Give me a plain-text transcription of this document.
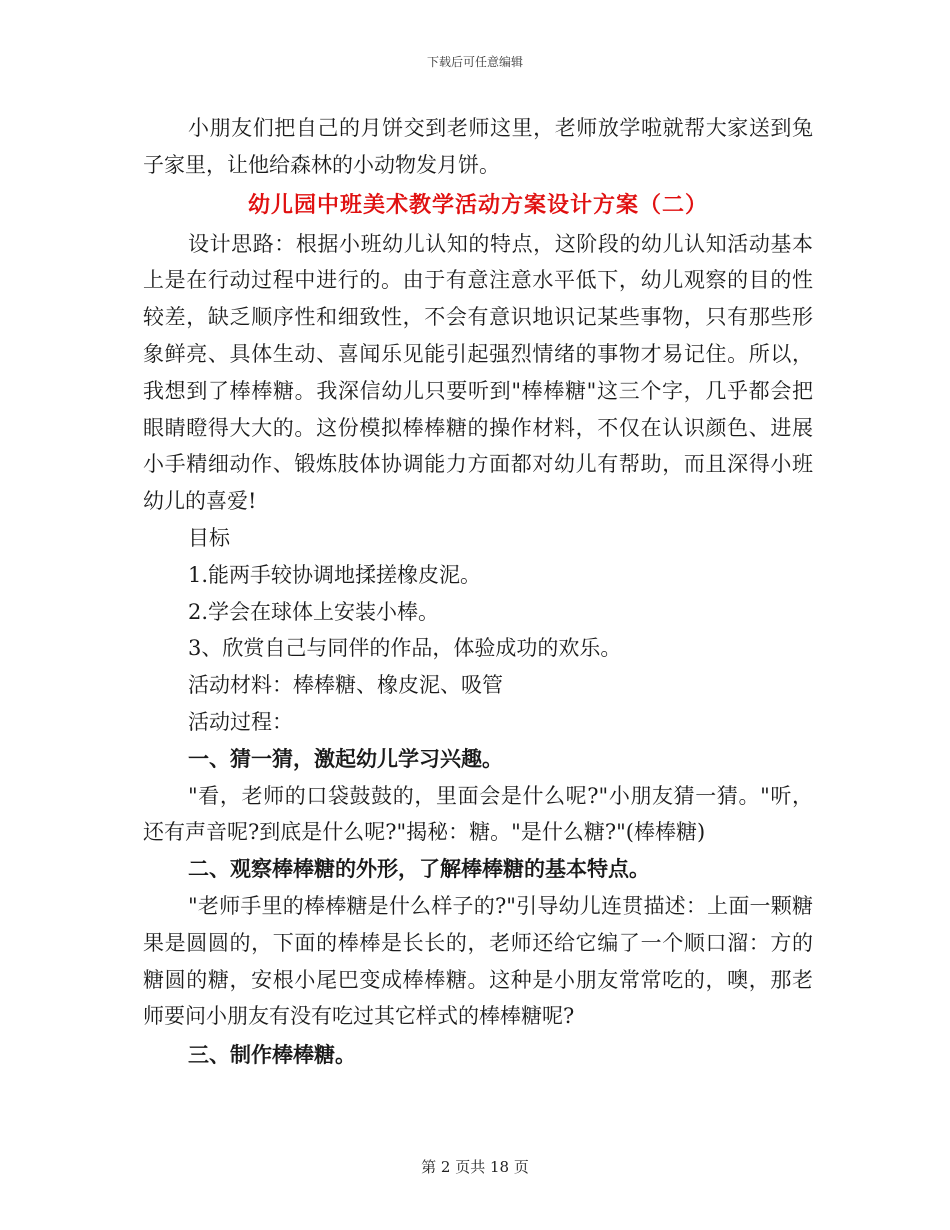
下载后可任意编辑

小朋友们把自己的月饼交到老师这里，老师放学啦就帮大家送到兔子家里，让他给森林的小动物发月饼。

幼儿园中班美术教学活动方案设计方案（二）

设计思路：根据小班幼儿认知的特点，这阶段的幼儿认知活动基本上是在行动过程中进行的。由于有意注意水平低下，幼儿观察的目的性较差，缺乏顺序性和细致性，不会有意识地识记某些事物，只有那些形象鲜亮、具体生动、喜闻乐见能引起强烈情绪的事物才易记住。所以，我想到了棒棒糖。我深信幼儿只要听到"棒棒糖"这三个字，几乎都会把眼睛瞪得大大的。这份模拟棒棒糖的操作材料，不仅在认识颜色、进展小手精细动作、锻炼肢体协调能力方面都对幼儿有帮助，而且深得小班幼儿的喜爱!

目标

1.能两手较协调地揉搓橡皮泥。

2.学会在球体上安装小棒。

3、欣赏自己与同伴的作品，体验成功的欢乐。

活动材料：棒棒糖、橡皮泥、吸管

活动过程：

一、猜一猜，激起幼儿学习兴趣。

"看，老师的口袋鼓鼓的，里面会是什么呢?"小朋友猜一猜。"听，还有声音呢?到底是什么呢?"揭秘：糖。"是什么糖?"(棒棒糖)

二、观察棒棒糖的外形，了解棒棒糖的基本特点。

"老师手里的棒棒糖是什么样子的?"引导幼儿连贯描述：上面一颗糖果是圆圆的，下面的棒棒是长长的，老师还给它编了一个顺口溜：方的糖圆的糖，安根小尾巴变成棒棒糖。这种是小朋友常常吃的，噢，那老师要问小朋友有没有吃过其它样式的棒棒糖呢?

三、制作棒棒糖。

第 2 页共 18 页
